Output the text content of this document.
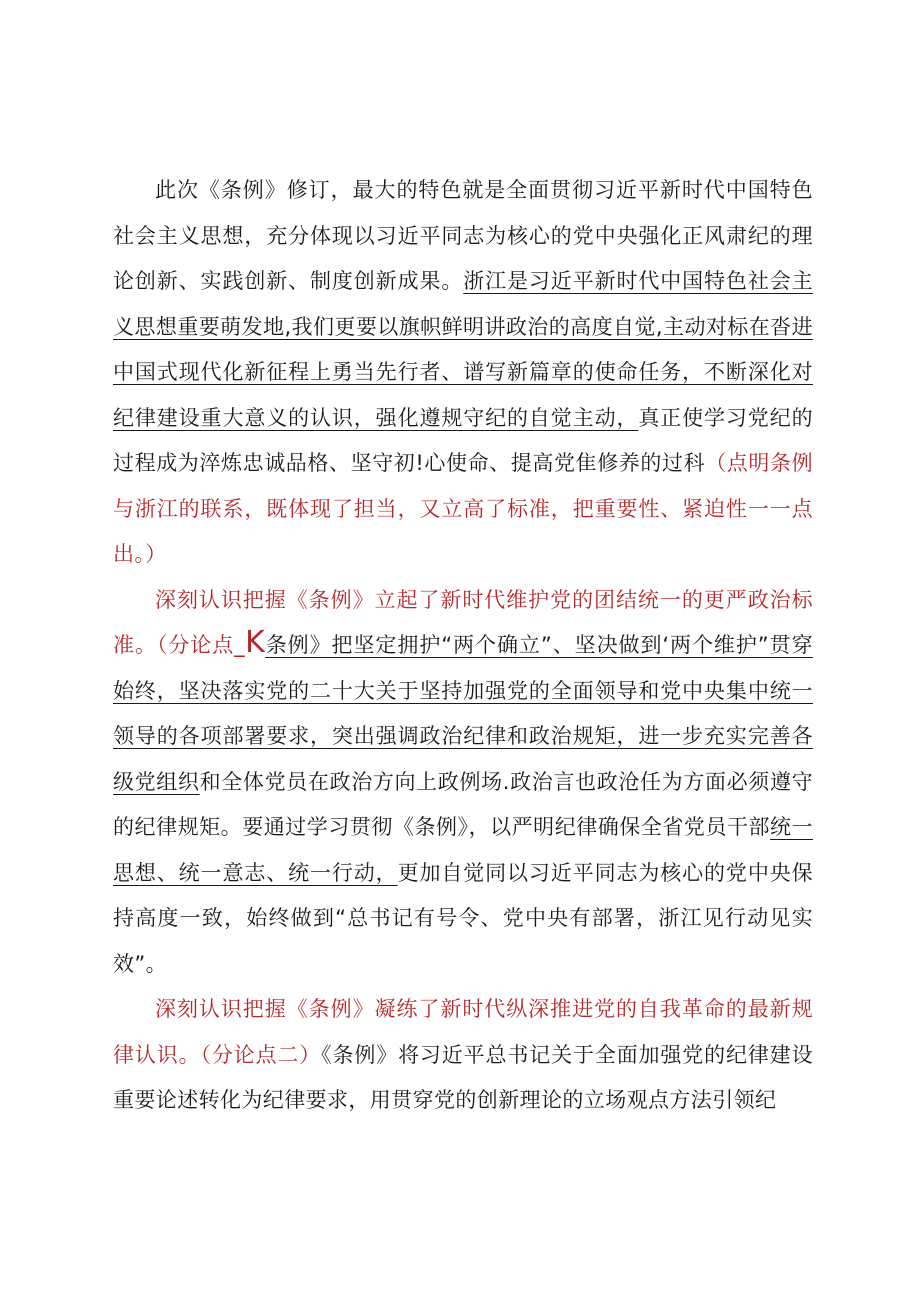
此次《条例》修订，最大的特色就是全面贯彻习近平新时代中国特色社会主义思想，充分体现以习近平同志为核心的党中央强化正风肃纪的理论创新、实践创新、制度创新成果。浙江是习近平新时代中国特色社会主义思想重要萌发地,我们更要以旗帜鲜明讲政治的高度自觉,主动对标在沓进中国式现代化新征程上勇当先行者、谱写新篇章的使命任务，不断深化对纪律建设重大意义的认识，强化遵规守纪的自觉主动，真正使学习党纪的过程成为淬炼忠诚品格、坚守初!心使命、提高党隹修养的过科（点明条例与浙江的联系，既体现了担当，又立高了标准，把重要性、紧迫性一一点出。）

深刻认识把握《条例》立起了新时代维护党的团结统一的更严政治标准。（分论点_K条例》把坚定拥护“两个确立”、坚决做到‘两个维护”贯穿始终，坚决落实党的二十大关于坚持加强党的全面领导和党中央集中统一领导的各项部署要求，突出强调政治纪律和政治规矩，进一步充实完善各级党组织和全体党员在政治方向上政例场.政治言也政沧任为方面必须遵守的纪律规矩。要通过学习贯彻《条例》，以严明纪律确保全省党员干部统一思想、统一意志、统一行动，更加自觉同以习近平同志为核心的党中央保持高度一致，始终做到“总书记有号令、党中央有部署，浙江见行动见实效”。

深刻认识把握《条例》凝练了新时代纵深推进党的自我革命的最新规律认识。（分论点二）《条例》将习近平总书记关于全面加强党的纪律建设重要论述转化为纪律要求，用贯穿党的创新理论的立场观点方法引领纪
